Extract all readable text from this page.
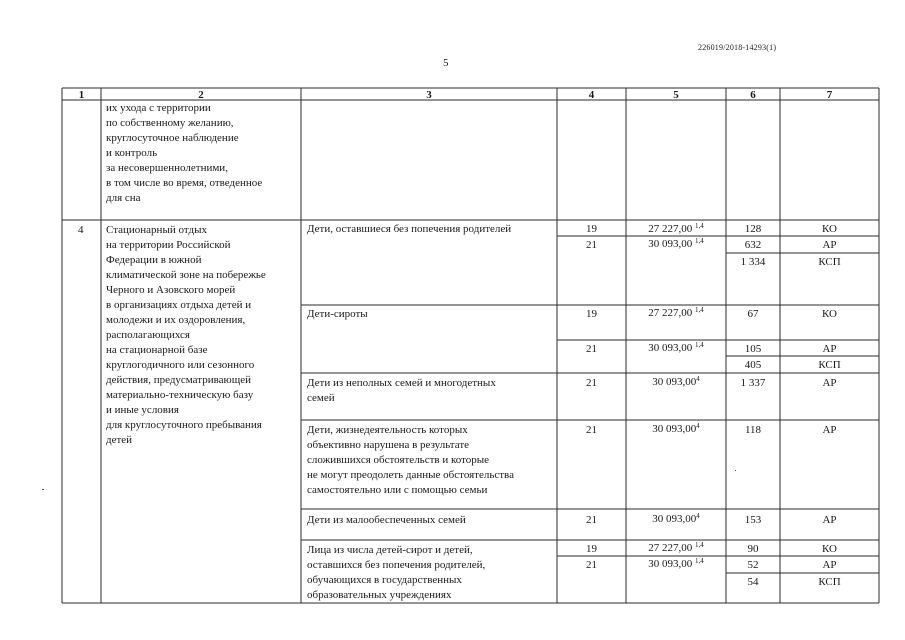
226019/2018-14293(1)
5
1	2	3	4	5	6	7
их ухода с территории
по собственному желанию,
круглосуточное наблюдение
и контроль
за несовершеннолетними,
в том числе во время, отведенное
для сна
4 Стационарный отдых
на территории Российской
Федерации в южной
климатической зоне на побережье
Черного и Азовского морей
в организациях отдыха детей и
молодежи и их оздоровления,
располагающихся
на стационарной базе
круглогодичного или сезонного
действия, предусматривающей
материально-техническую базу
и иные условия
для круглосуточного пребывания
детей
Дети, оставшиеся без попечения родителей	19	27 227,00 $^{1,4}$	128	КО
21	30 093,00 $^{1,4}$	632	АР
1 334	КСП
Дети-сироты	19	27 227,00 $^{1,4}$	67	КО
21	30 093,00 $^{1,4}$	105	АР
405	КСП
Дети из неполных семей и многодетных
семей
21	30 093,00$^4$	1 337	АР
Дети, жизнедеятельность которых
объективно нарушена в результате
сложившихся обстоятельств и которые
не могут преодолеть данные обстоятельства
самостоятельно или с помощью семьи
21	30 093,00$^4$	118	АР
Дети из малообеспеченных семей	21	30 093,00$^4$	153	АР
Лица из числа детей-сирот и детей,
оставшихся без попечения родителей,
обучающихся в государственных
образовательных учреждениях
19	27 227,00 $^{1,4}$	90	КО
21	30 093,00 $^{1,4}$	52	АР
54	КСП
